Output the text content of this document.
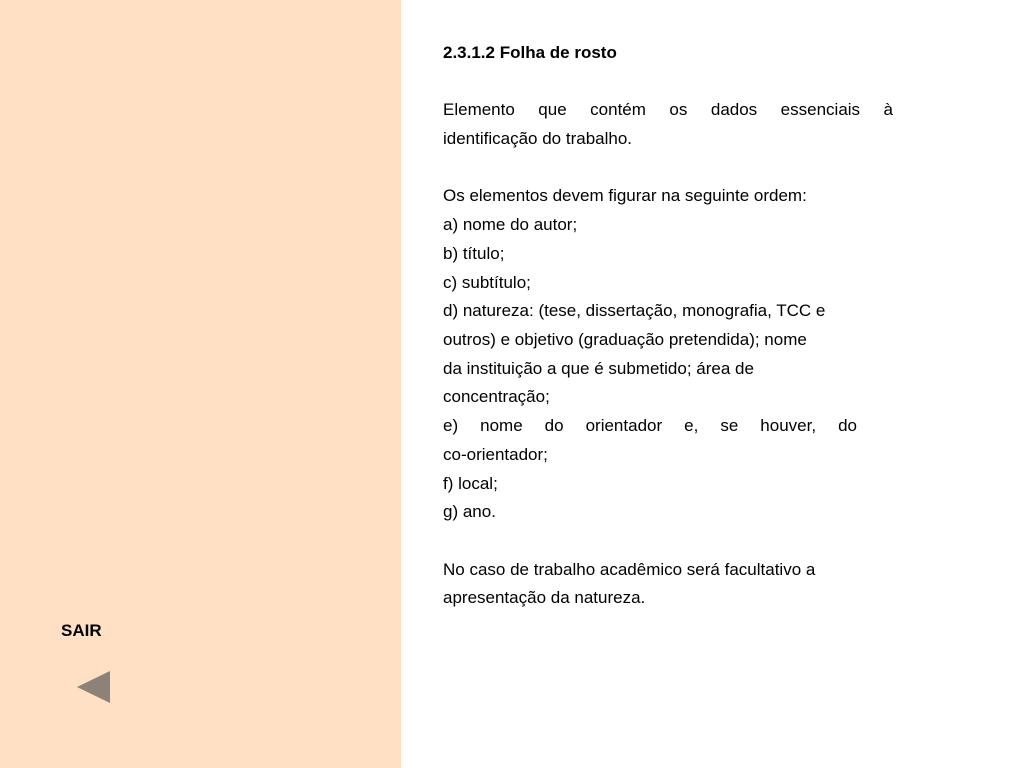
SAIR

2.3.1.2 Folha de rosto

Elemento que contém os dados essenciais à

identificação do trabalho.

Os elementos devem figurar na seguinte ordem:

a) nome do autor;

b) título;

c) subtítulo;

d) natureza: (tese, dissertação, monografia, TCC e

outros) e objetivo (graduação pretendida); nome

da instituição a que é submetido; área de

concentração;

e) nome do orientador e, se houver, do

co-orientador;

f) local;

g) ano.

No caso de trabalho acadêmico será facultativo a

apresentação da natureza.
